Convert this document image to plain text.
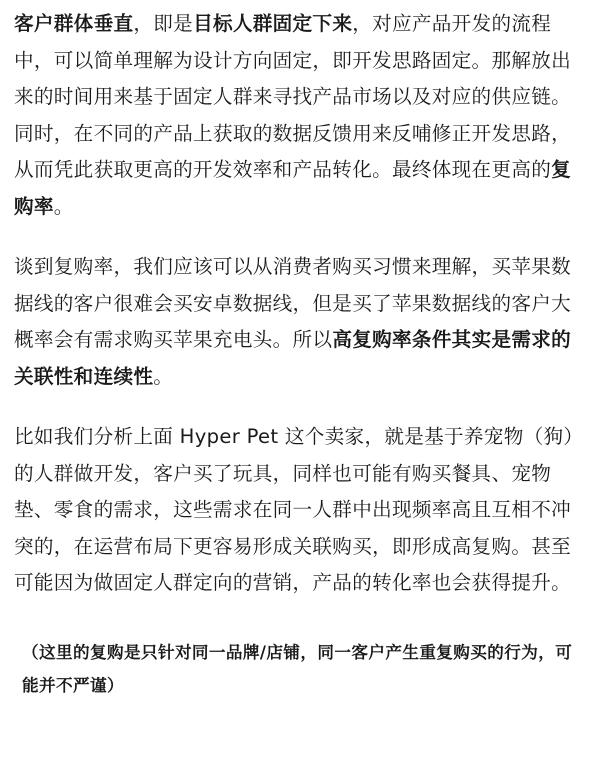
客户群体垂直，即是目标人群固定下来，对应产品开发的流程中，可以简单理解为设计方向固定，即开发思路固定。那解放出来的时间用来基于固定人群来寻找产品市场以及对应的供应链。同时，在不同的产品上获取的数据反馈用来反哺修正开发思路，从而凭此获取更高的开发效率和产品转化。最终体现在更高的复购率。

谈到复购率，我们应该可以从消费者购买习惯来理解，买苹果数据线的客户很难会买安卓数据线，但是买了苹果数据线的客户大概率会有需求购买苹果充电头。所以高复购率条件其实是需求的关联性和连续性。

比如我们分析上面 Hyper Pet 这个卖家，就是基于养宠物（狗）的人群做开发，客户买了玩具，同样也可能有购买餐具、宠物垫、零食的需求，这些需求在同一人群中出现频率高且互相不冲突的，在运营布局下更容易形成关联购买，即形成高复购。甚至可能因为做固定人群定向的营销，产品的转化率也会获得提升。

（这里的复购是只针对同一品牌/店铺，同一客户产生重复购买的行为，可能并不严谨）
